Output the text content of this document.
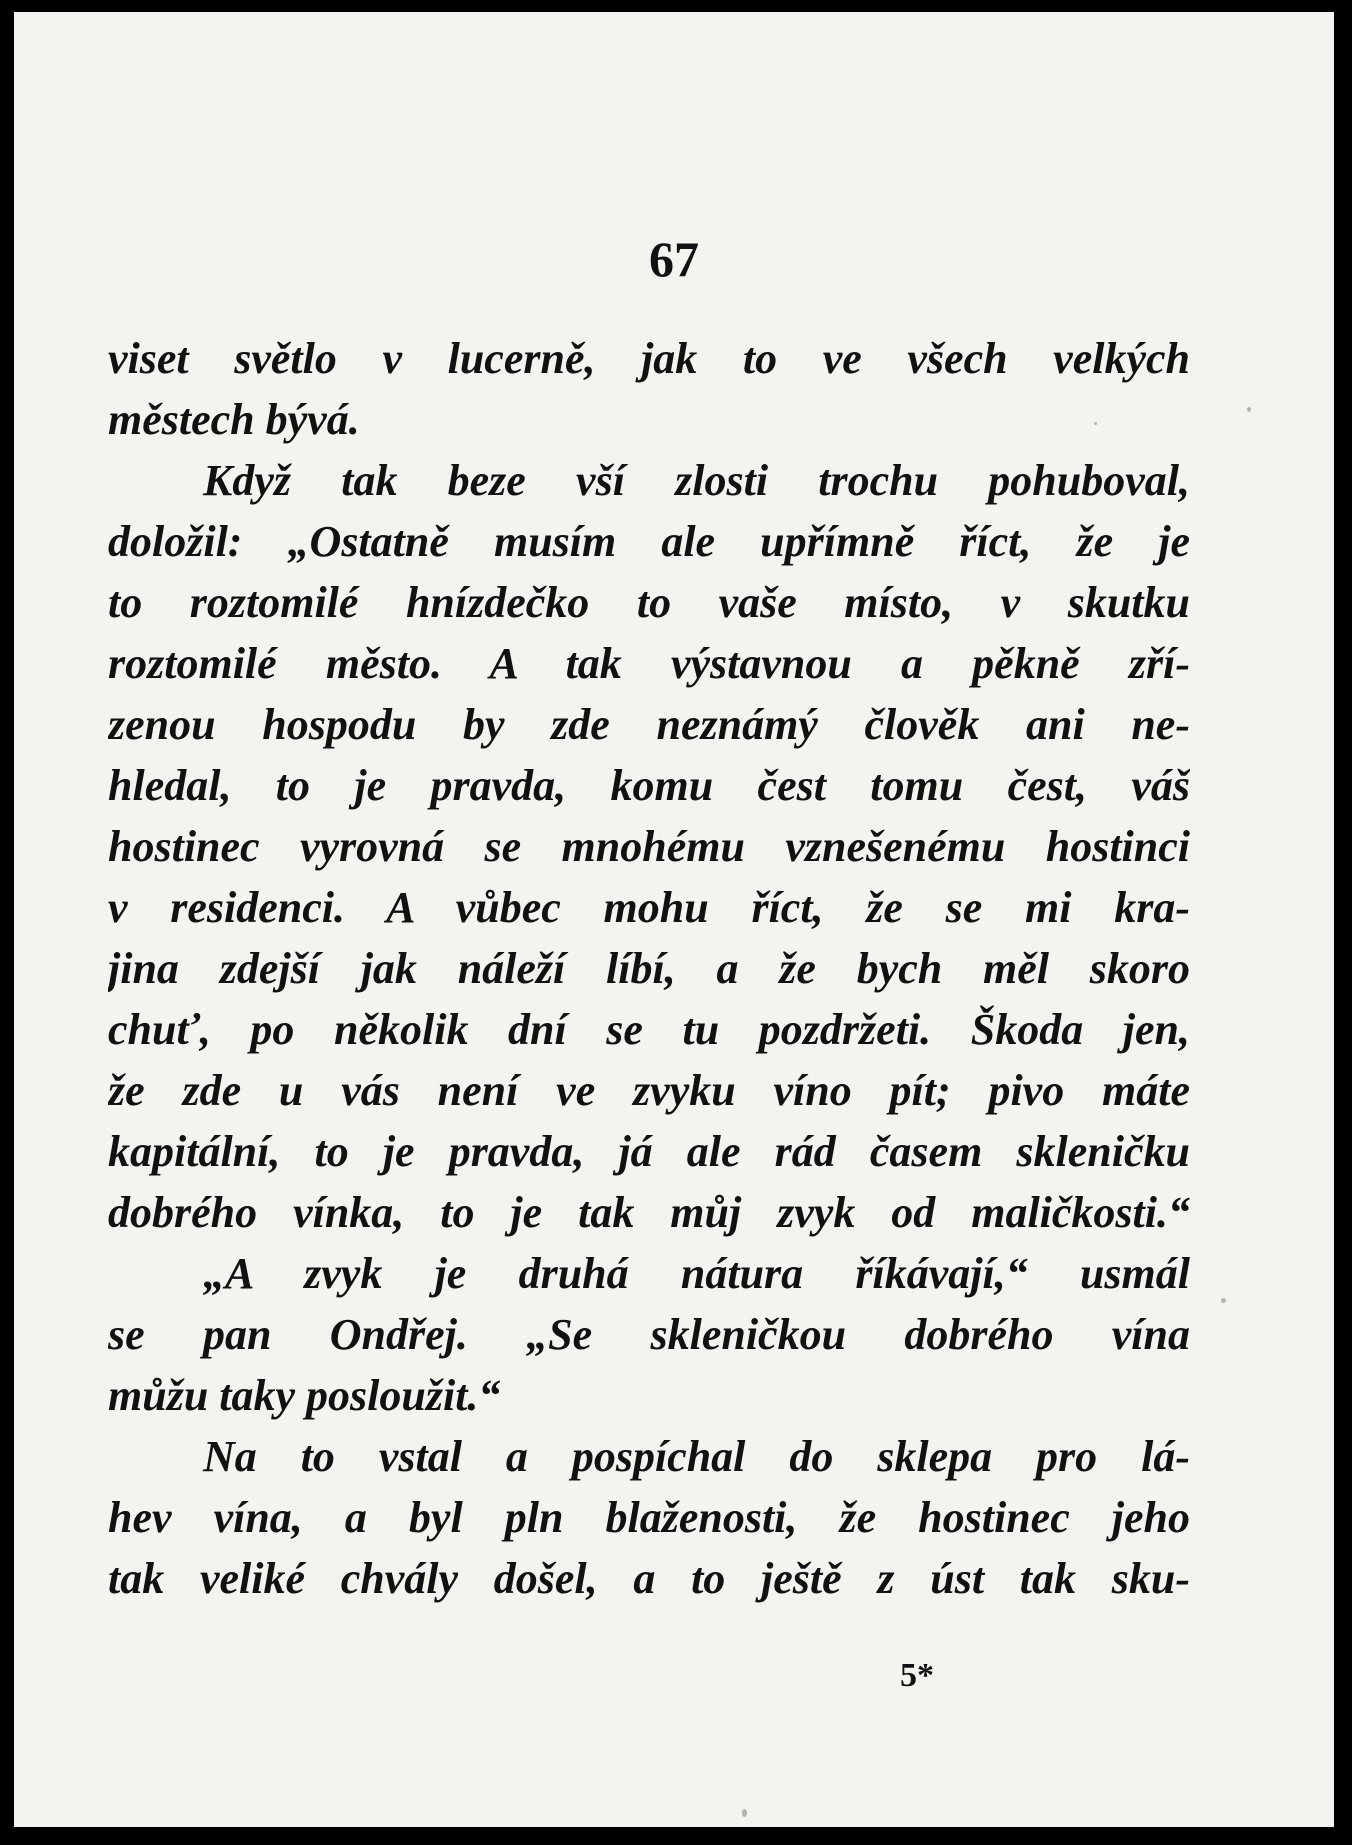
67
viset světlo v lucerně, jak to ve všech velkých
městech bývá.
Když tak beze vší zlosti trochu pohuboval,
doložil: „Ostatně musím ale upřímně říct, že je
to roztomilé hnízdečko to vaše místo, v skutku
roztomilé město. A tak výstavnou a pěkně zří-
zenou hospodu by zde neznámý člověk ani ne-
hledal, to je pravda, komu čest tomu čest, váš
hostinec vyrovná se mnohému vznešenému hostinci
v residenci. A vůbec mohu říct, že se mi kra-
jina zdejší jak náleží líbí, a že bych měl skoro
chuť, po několik dní se tu pozdržeti. Škoda jen,
že zde u vás není ve zvyku víno pít; pivo máte
kapitální, to je pravda, já ale rád časem skleničku
dobrého vínka, to je tak můj zvyk od maličkosti.“
„A zvyk je druhá nátura říkávají,“ usmál
se pan Ondřej. „Se skleničkou dobrého vína
můžu taky posloužit.“
Na to vstal a pospíchal do sklepa pro lá-
hev vína, a byl pln blaženosti, že hostinec jeho
tak veliké chvály došel, a to ještě z úst tak sku-
5*
